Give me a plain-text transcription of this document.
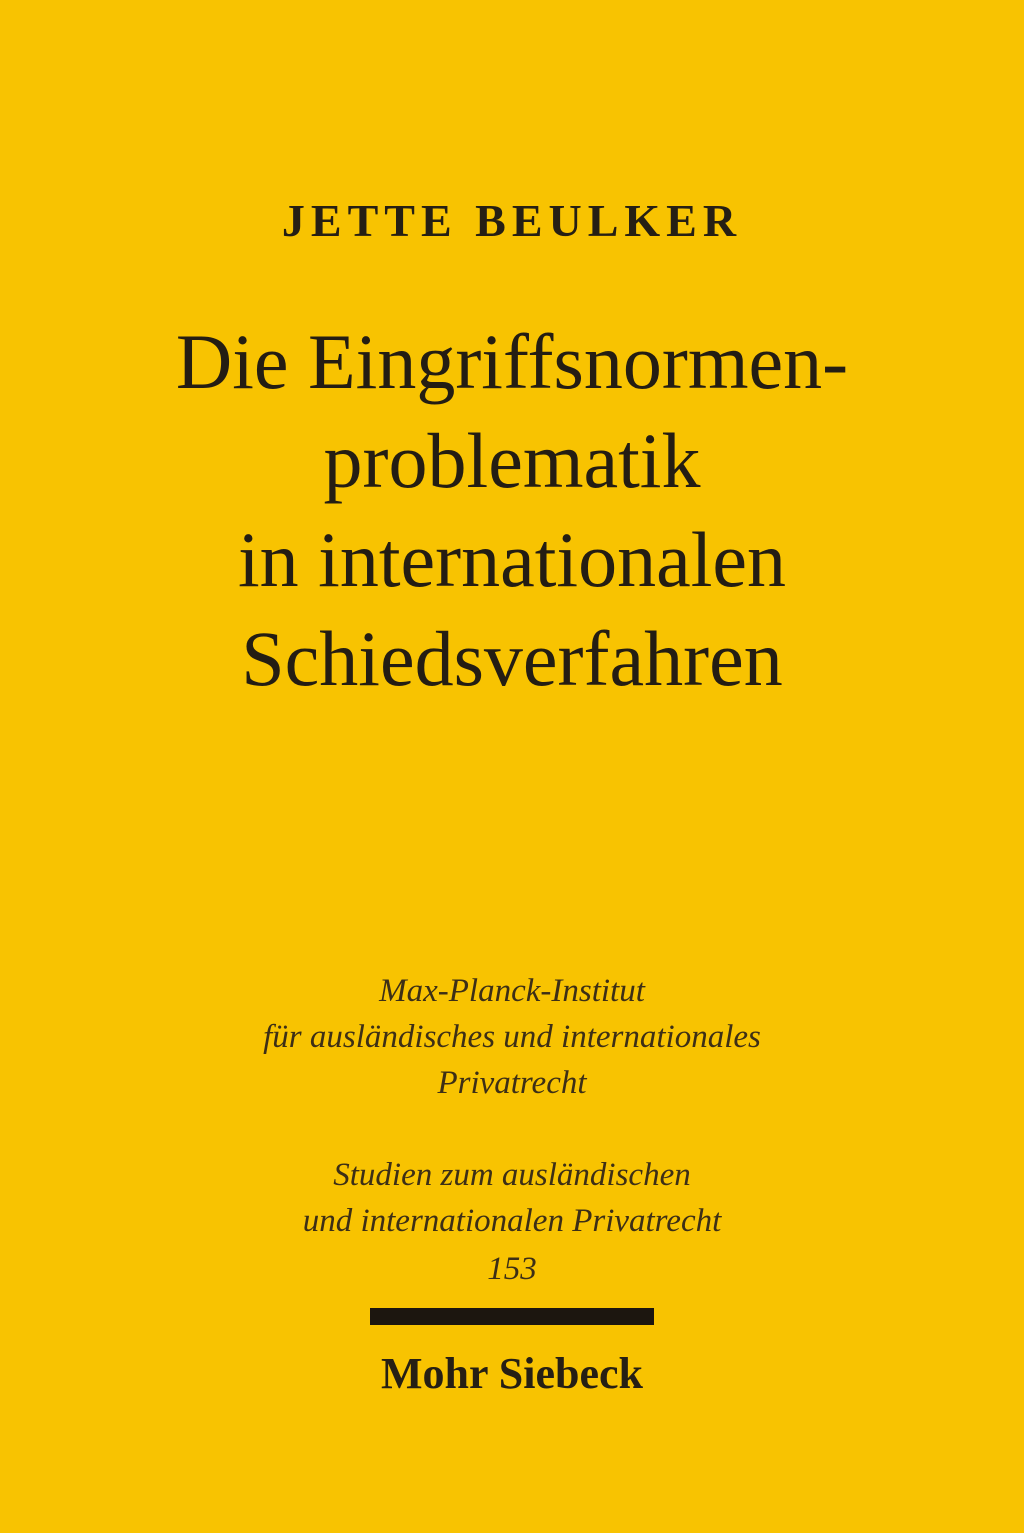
JETTE BEULKER
Die Eingriffsnormen-
problematik
in internationalen
Schiedsverfahren
Max-Planck-Institut
für ausländisches und internationales
Privatrecht
Studien zum ausländischen
und internationalen Privatrecht
153
Mohr Siebeck
